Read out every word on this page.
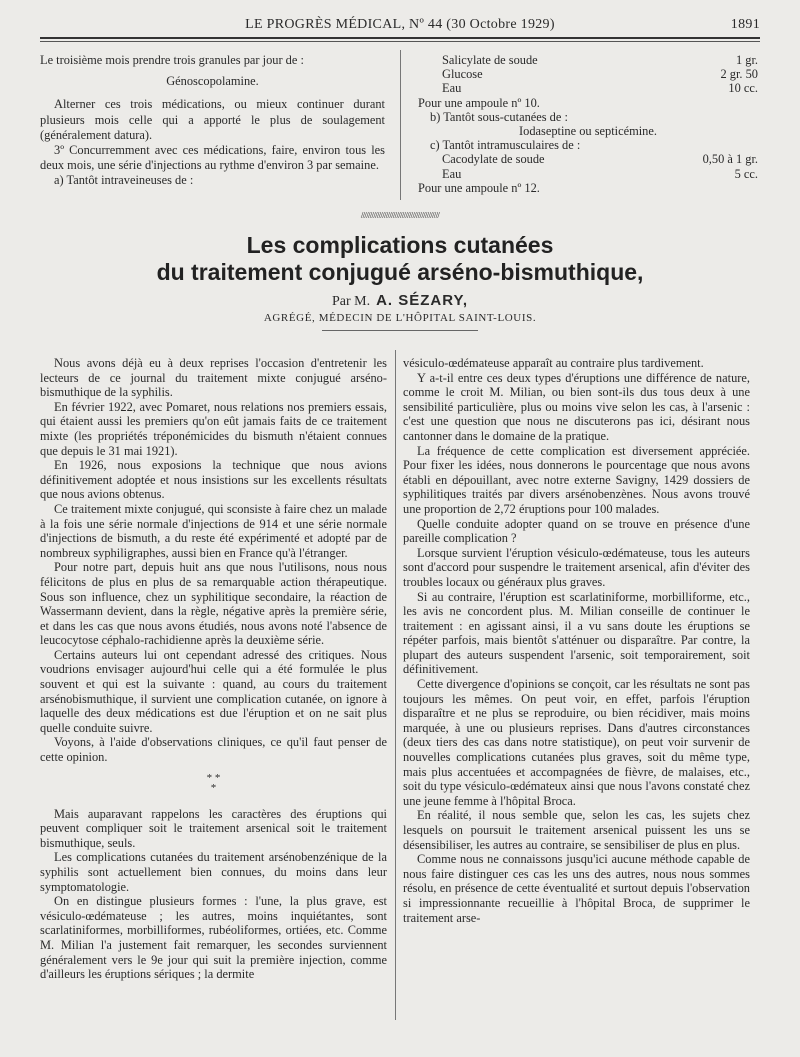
LE PROGRÈS MÉDICAL, Nº 44 (30 Octobre 1929)	1891

Le troisième mois prendre trois granules par jour de :

Génoscopolamine.

Alterner ces trois médications, ou mieux continuer durant plusieurs mois celle qui a apporté le plus de soulagement (généralement datura).

3º Concurremment avec ces médications, faire, environ tous les deux mois, une série d'injections au rythme d'environ 3 par semaine.

a) Tantôt intraveineuses de :

Salicylate de soude	1 gr.
Glucose	2 gr. 50
Eau	10 cc.

Pour une ampoule nº 10.

b) Tantôt sous-cutanées de :

Iodaseptine ou septicémine.

c) Tantôt intramusculaires de :

Cacodylate de soude	0,50 à 1 gr.
Eau	5 cc.

Pour une ampoule nº 12.

////////////////////////////////////////////
Les complications cutanées
du traitement conjugué arséno-bismuthique,
Par M. A. SÉZARY,
AGRÉGÉ, MÉDECIN DE L'HÔPITAL SAINT-LOUIS.

Nous avons déjà eu à deux reprises l'occasion d'entretenir les lecteurs de ce journal du traitement mixte conjugué arséno-bismuthique de la syphilis.

En février 1922, avec Pomaret, nous relations nos premiers essais, qui étaient aussi les premiers qu'on eût jamais faits de ce traitement mixte (les propriétés tréponémicides du bismuth n'étaient connues que depuis le 31 mai 1921).

En 1926, nous exposions la technique que nous avions définitivement adoptée et nous insistions sur les excellents résultats que nous avions obtenus.

Ce traitement mixte conjugué, qui sconsiste à faire chez un malade à la fois une série normale d'injections de 914 et une série normale d'injections de bismuth, a du reste été expérimenté et adopté par de nombreux syphiligraphes, aussi bien en France qu'à l'étranger.

Pour notre part, depuis huit ans que nous l'utilisons, nous nous félicitons de plus en plus de sa remarquable action thérapeutique. Sous son influence, chez un syphilitique secondaire, la réaction de Wassermann devient, dans la règle, négative après la première série, et dans les cas que nous avons étudiés, nous avons noté l'absence de leucocytose céphalo-rachidienne après la deuxième série.

Certains auteurs lui ont cependant adressé des critiques. Nous voudrions envisager aujourd'hui celle qui a été formulée le plus souvent et qui est la suivante : quand, au cours du traitement arsénobismuthique, il survient une complication cutanée, on ignore à laquelle des deux médications est due l'éruption et on ne sait plus quelle conduite suivre.

Voyons, à l'aide d'observations cliniques, ce qu'il faut penser de cette opinion.

* *
*

Mais auparavant rappelons les caractères des éruptions qui peuvent compliquer soit le traitement arsenical soit le traitement bismuthique, seuls.

Les complications cutanées du traitement arsénobenzénique de la syphilis sont actuellement bien connues, du moins dans leur symptomatologie.

On en distingue plusieurs formes : l'une, la plus grave, est vésiculo-œdémateuse ; les autres, moins inquiétantes, sont scarlatiniformes, morbilliformes, rubéoliformes, ortiées, etc. Comme M. Milian l'a justement fait remarquer, les secondes surviennent généralement vers le 9e jour qui suit la première injection, comme d'ailleurs les éruptions sériques ; la dermite

vésiculo-œdémateuse apparaît au contraire plus tardivement.

Y a-t-il entre ces deux types d'éruptions une différence de nature, comme le croit M. Milian, ou bien sont-ils dus tous deux à une sensibilité particulière, plus ou moins vive selon les cas, à l'arsenic : c'est une question que nous ne discuterons pas ici, désirant nous cantonner dans le domaine de la pratique.

La fréquence de cette complication est diversement appréciée. Pour fixer les idées, nous donnerons le pourcentage que nous avons établi en dépouillant, avec notre externe Savigny, 1429 dossiers de syphilitiques traités par divers arsénobenzènes. Nous avons trouvé une proportion de 2,72 éruptions pour 100 malades.

Quelle conduite adopter quand on se trouve en présence d'une pareille complication ?

Lorsque survient l'éruption vésiculo-œdémateuse, tous les auteurs sont d'accord pour suspendre le traitement arsenical, afin d'éviter des troubles locaux ou généraux plus graves.

Si au contraire, l'éruption est scarlatiniforme, morbilliforme, etc., les avis ne concordent plus. M. Milian conseille de continuer le traitement : en agissant ainsi, il a vu sans doute les éruptions se répéter parfois, mais bientôt s'atténuer ou disparaître. Par contre, la plupart des auteurs suspendent l'arsenic, soit temporairement, soit définitivement.

Cette divergence d'opinions se conçoit, car les résultats ne sont pas toujours les mêmes. On peut voir, en effet, parfois l'éruption disparaître et ne plus se reproduire, ou bien récidiver, mais moins marquée, à une ou plusieurs reprises. Dans d'autres circonstances (deux tiers des cas dans notre statistique), on peut voir survenir de nouvelles complications cutanées plus graves, soit du même type, mais plus accentuées et accompagnées de fièvre, de malaises, etc., soit du type vésiculo-œdémateux ainsi que nous l'avons constaté chez une jeune femme à l'hôpital Broca.

En réalité, il nous semble que, selon les cas, les sujets chez lesquels on poursuit le traitement arsenical puissent les uns se désensibiliser, les autres au contraire, se sensibiliser de plus en plus.

Comme nous ne connaissons jusqu'ici aucune méthode capable de nous faire distinguer ces cas les uns des autres, nous nous sommes résolu, en présence de cette éventualité et surtout depuis l'observation si impressionnante recueillie à l'hôpital Broca, de supprimer le traitement arse-
